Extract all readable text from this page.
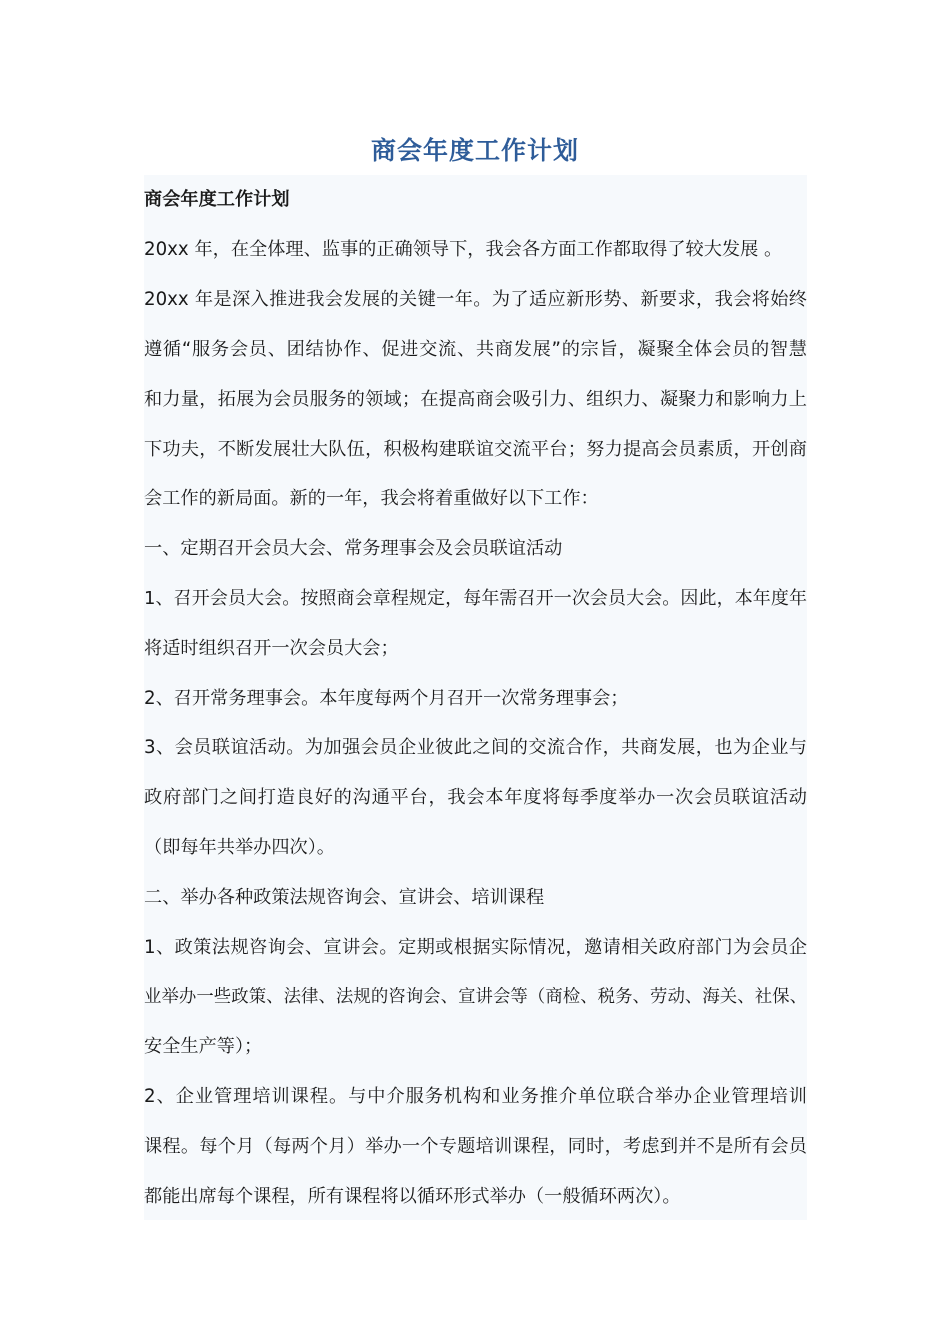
商会年度工作计划

商会年度工作计划

20xx 年，在全体理、监事的正确领导下，我会各方面工作都取得了较大发展 。

20xx 年是深入推进我会发展的关键一年。为了适应新形势、新要求，我会将始终

遵循“服务会员、团结协作、促进交流、共商发展”的宗旨，凝聚全体会员的智慧

和力量，拓展为会员服务的领域；在提高商会吸引力、组织力、凝聚力和影响力上

下功夫，不断发展壮大队伍，积极构建联谊交流平台；努力提高会员素质，开创商

会工作的新局面。新的一年，我会将着重做好以下工作：

一、定期召开会员大会、常务理事会及会员联谊活动

1、召开会员大会。按照商会章程规定，每年需召开一次会员大会。因此，本年度年

将适时组织召开一次会员大会；

2、召开常务理事会。本年度每两个月召开一次常务理事会；

3、会员联谊活动。为加强会员企业彼此之间的交流合作，共商发展，也为企业与

政府部门之间打造良好的沟通平台，我会本年度将每季度举办一次会员联谊活动

（即每年共举办四次）。

二、举办各种政策法规咨询会、宣讲会、培训课程

1、政策法规咨询会、宣讲会。定期或根据实际情况，邀请相关政府部门为会员企

业举办一些政策、法律、法规的咨询会、宣讲会等（商检、税务、劳动、海关、社保、

安全生产等）；

2、企业管理培训课程。与中介服务机构和业务推介单位联合举办企业管理培训

课程。每个月（每两个月）举办一个专题培训课程，同时，考虑到并不是所有会员

都能出席每个课程，所有课程将以循环形式举办（一般循环两次）。
